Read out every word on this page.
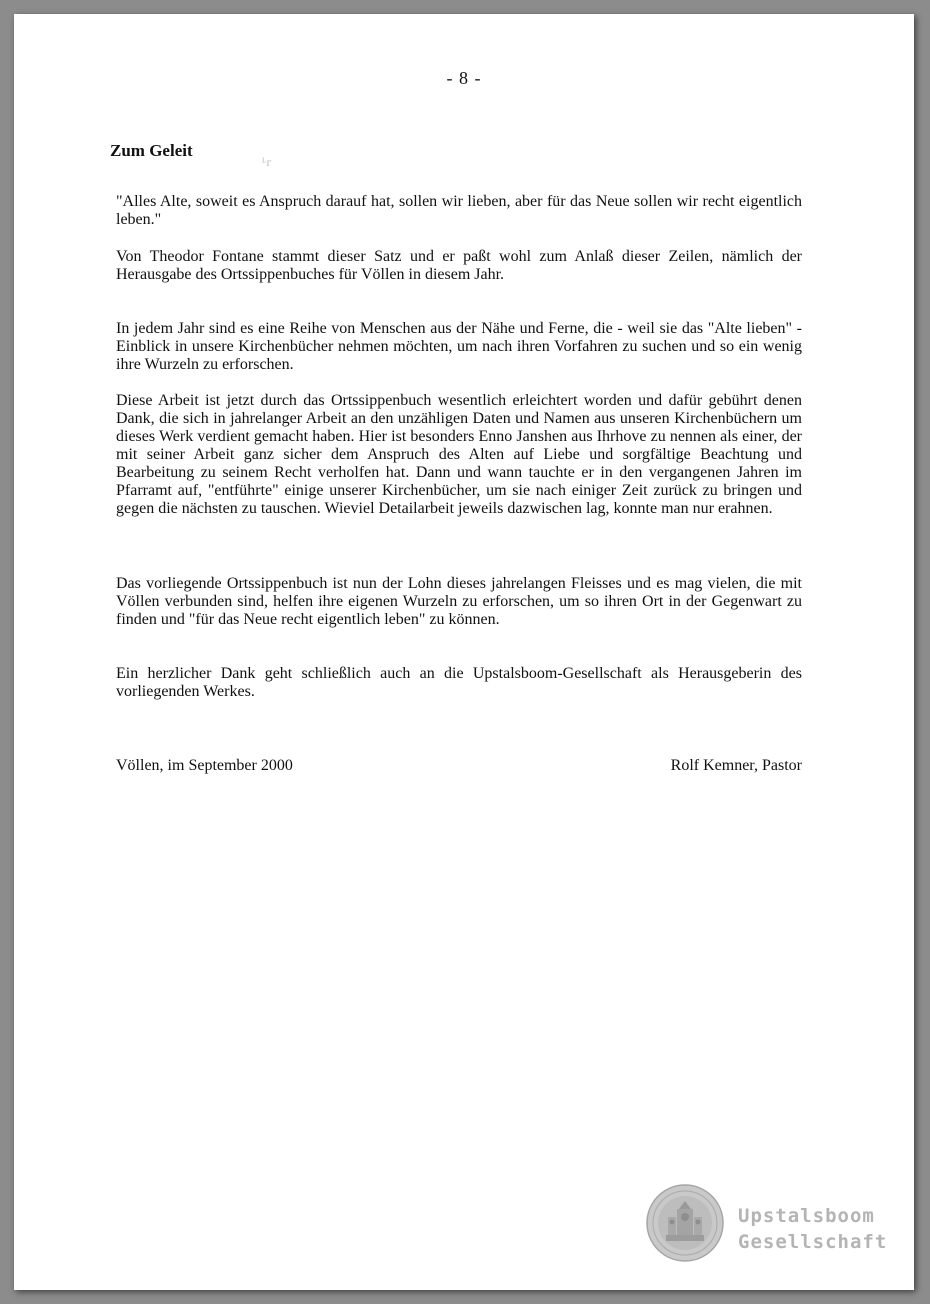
- 8 -
Zum Geleit
ᴸᴦ

"Alles Alte, soweit es Anspruch darauf hat, sollen wir lieben, aber für das Neue sollen wir recht eigentlich leben."

Von Theodor Fontane stammt dieser Satz und er paßt wohl zum Anlaß dieser Zeilen, nämlich der Herausgabe des Ortssippenbuches für Völlen in diesem Jahr.

In jedem Jahr sind es eine Reihe von Menschen aus der Nähe und Ferne, die - weil sie das "Alte lieben" - Einblick in unsere Kirchenbücher nehmen möchten, um nach ihren Vorfahren zu suchen und so ein wenig ihre Wurzeln zu erforschen.

Diese Arbeit ist jetzt durch das Ortssippenbuch wesentlich erleichtert worden und dafür gebührt denen Dank, die sich in jahrelanger Arbeit an den unzähligen Daten und Namen aus unseren Kirchenbüchern um dieses Werk verdient gemacht haben. Hier ist besonders Enno Janshen aus Ihrhove zu nennen als einer, der mit seiner Arbeit ganz sicher dem Anspruch des Alten auf Liebe und sorgfältige Beachtung und Bearbeitung zu seinem Recht verholfen hat. Dann und wann tauchte er in den vergangenen Jahren im Pfarramt auf, "entführte" einige unserer Kirchenbücher, um sie nach einiger Zeit zurück zu bringen und gegen die nächsten zu tauschen. Wieviel Detailarbeit jeweils dazwischen lag, konnte man nur erahnen.

Das vorliegende Ortssippenbuch ist nun der Lohn dieses jahrelangen Fleisses und es mag vielen, die mit Völlen verbunden sind, helfen ihre eigenen Wurzeln zu erforschen, um so ihren Ort in der Gegenwart zu finden und "für das Neue recht eigentlich leben" zu können.

Ein herzlicher Dank geht schließlich auch an die Upstalsboom-Gesellschaft als Herausgeberin des vorliegenden Werkes.

Völlen, im September 2000	Rolf Kemner, Pastor
Upstalsboom
Gesellschaft
